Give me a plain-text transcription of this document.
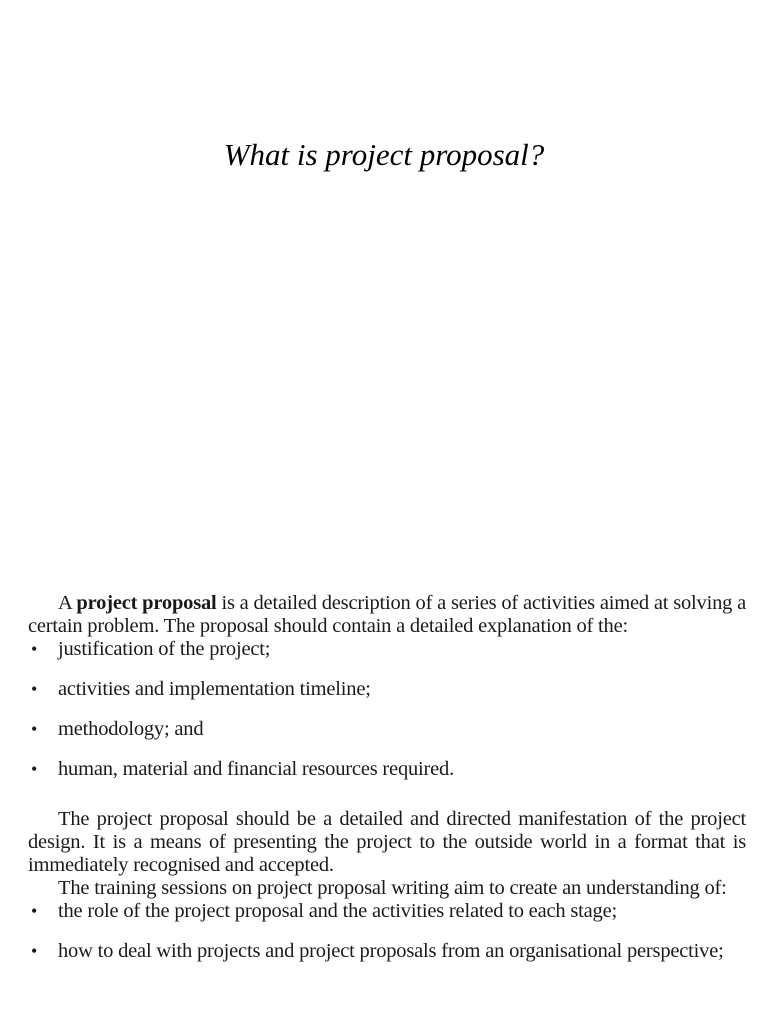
What is project proposal?

A project proposal is a detailed description of a series of activities aimed at solving a certain problem. The proposal should contain a detailed explanation of the:

• justification of the project;
• activities and implementation timeline;
• methodology; and
• human, material and financial resources required.

The project proposal should be a detailed and directed manifestation of the project design. It is a means of presenting the project to the outside world in a format that is immediately recognised and accepted.

The training sessions on project proposal writing aim to create an understanding of:

• the role of the project proposal and the activities related to each stage;
• how to deal with projects and project proposals from an organisational perspective;
